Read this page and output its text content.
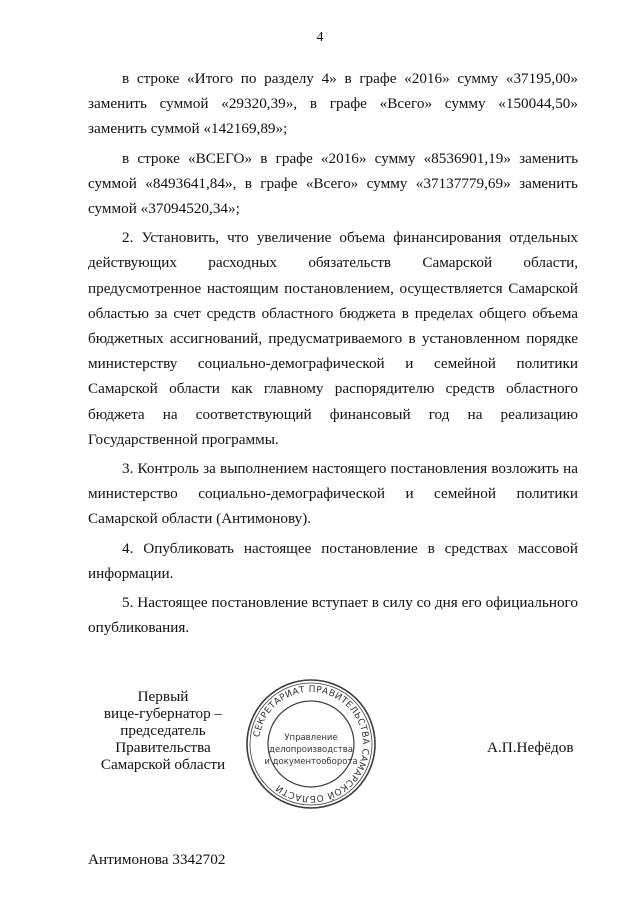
4

в строке «Итого по разделу 4» в графе «2016» сумму «37195,00» заменить суммой «29320,39», в графе «Всего» сумму «150044,50» заменить суммой «142169,89»;

в строке «ВСЕГО» в графе «2016» сумму «8536901,19» заменить суммой «8493641,84», в графе «Всего» сумму «37137779,69» заменить суммой «37094520,34»;

2. Установить, что увеличение объема финансирования отдельных действующих расходных обязательств Самарской области, предусмотренное настоящим постановлением, осуществляется Самарской областью за счет средств областного бюджета в пределах общего объема бюджетных ассигнований, предусматриваемого в установленном порядке министерству социально-демографической и семейной политики Самарской области как главному распорядителю средств областного бюджета на соответствующий финансовый год на реализацию Государственной программы.

3. Контроль за выполнением настоящего постановления возложить на министерство социально-демографической и семейной политики Самарской области (Антимонову).

4. Опубликовать настоящее постановление в средствах массовой информации.

5. Настоящее постановление вступает в силу со дня его официального опубликования.

Первый
вице-губернатор –
председатель Правительства
Самарской области
СЕКРЕТАРИАТ ПРАВИТЕЛЬСТВА САМАРСКОЙ ОБЛАСТИ
Управление
делопроизводства
и документооборота
А.П.Нефёдов
Антимонова 3342702
